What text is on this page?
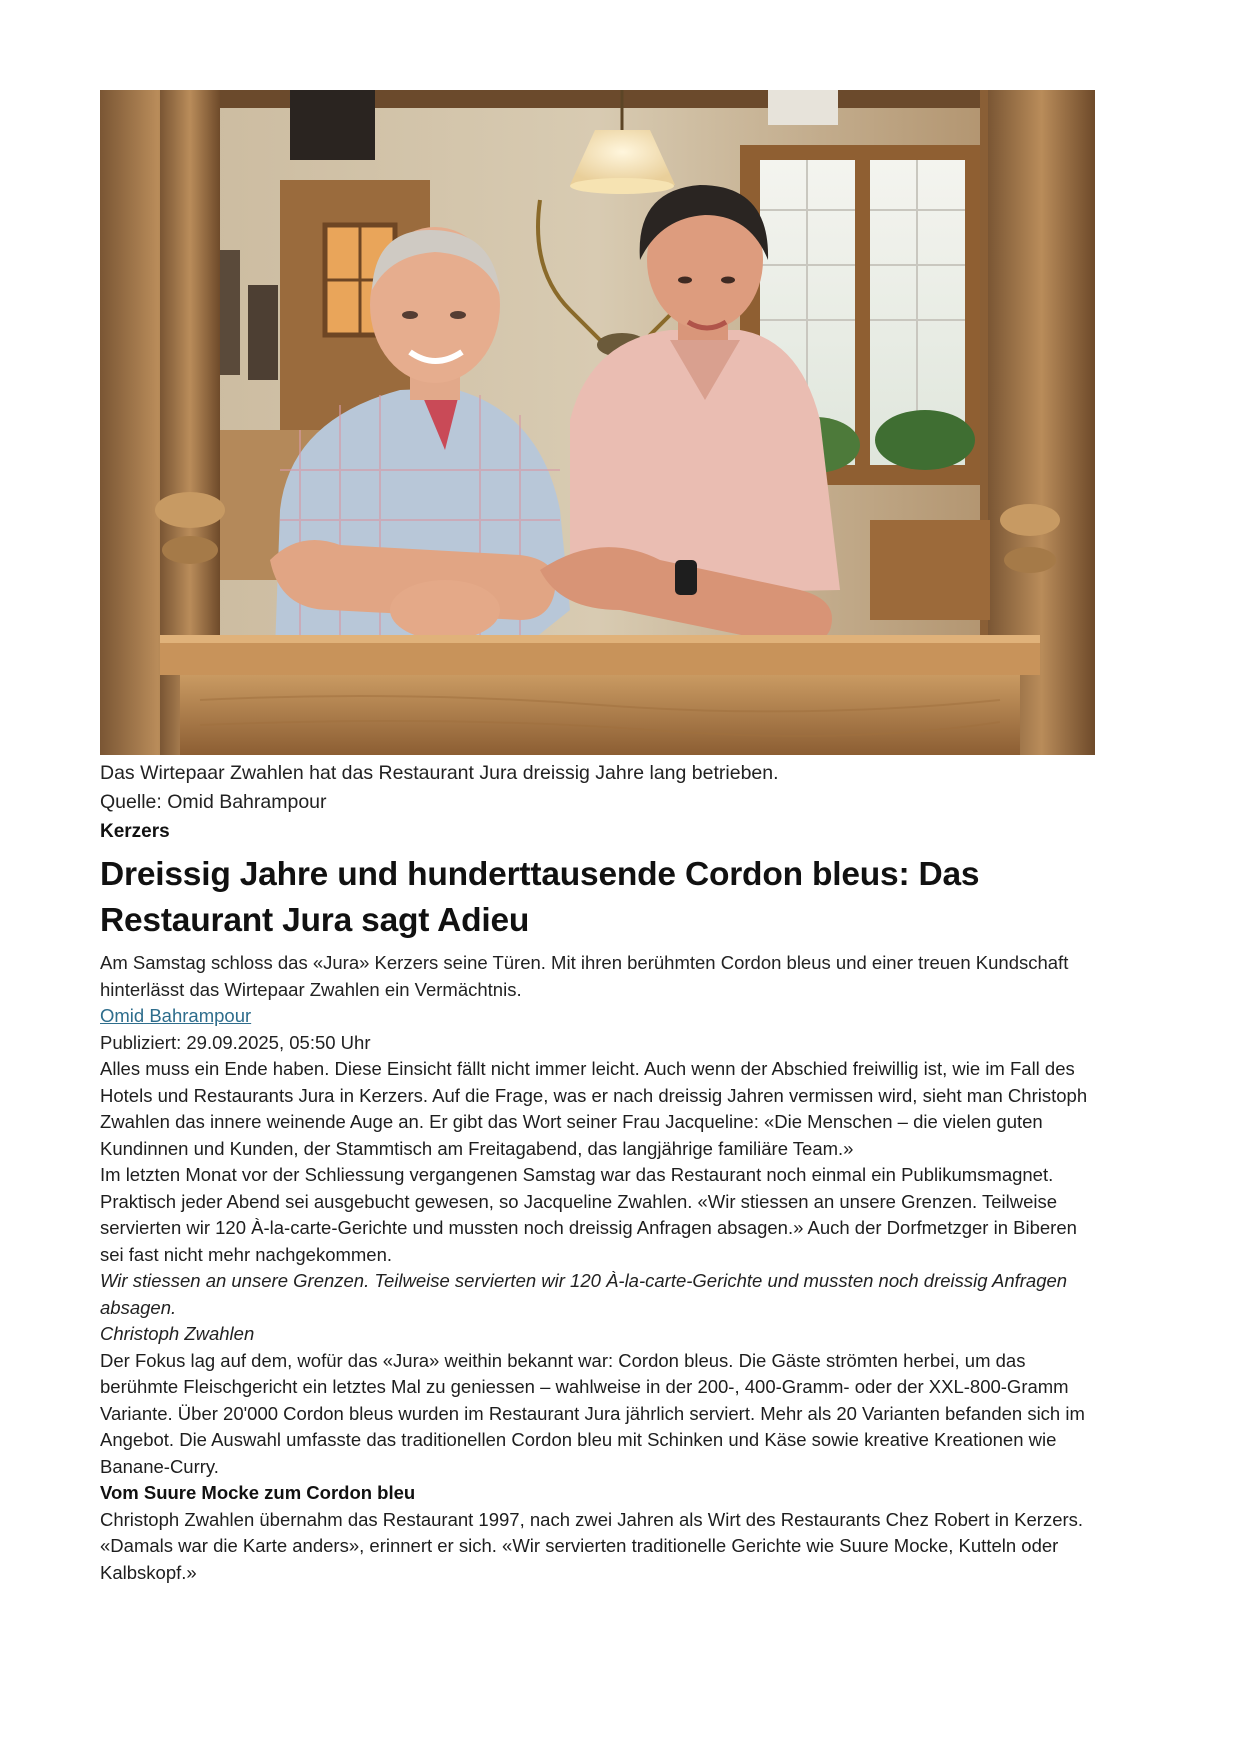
Das Wirtepaar Zwahlen hat das Restaurant Jura dreissig Jahre lang betrieben.
Quelle: Omid Bahrampour
Kerzers
Dreissig Jahre und hunderttausende Cordon bleus: Das Restaurant Jura sagt Adieu

Am Samstag schloss das «Jura» Kerzers seine Türen. Mit ihren berühmten Cordon bleus und einer treuen Kundschaft hinterlässt das Wirtepaar Zwahlen ein Vermächtnis.

Omid Bahrampour
Publiziert: 29.09.2025, 05:50 Uhr

Alles muss ein Ende haben. Diese Einsicht fällt nicht immer leicht. Auch wenn der Abschied freiwillig ist, wie im Fall des Hotels und Restaurants Jura in Kerzers. Auf die Frage, was er nach dreissig Jahren vermissen wird, sieht man Christoph Zwahlen das innere weinende Auge an. Er gibt das Wort seiner Frau Jacqueline: «Die Menschen – die vielen guten Kundinnen und Kunden, der Stammtisch am Freitagabend, das langjährige familiäre Team.»

Im letzten Monat vor der Schliessung vergangenen Samstag war das Restaurant noch einmal ein Publikumsmagnet. Praktisch jeder Abend sei ausgebucht gewesen, so Jacqueline Zwahlen. «Wir stiessen an unsere Grenzen. Teilweise servierten wir 120 À-la-carte-Gerichte und mussten noch dreissig Anfragen absagen.» Auch der Dorfmetzger in Biberen sei fast nicht mehr nachgekommen.

Wir stiessen an unsere Grenzen. Teilweise servierten wir 120 À-la-carte-Gerichte und mussten noch dreissig Anfragen absagen.

Christoph Zwahlen

Der Fokus lag auf dem, wofür das «Jura» weithin bekannt war: Cordon bleus. Die Gäste strömten herbei, um das berühmte Fleischgericht ein letztes Mal zu geniessen – wahlweise in der 200-, 400-Gramm- oder der XXL-800-Gramm Variante. Über 20'000 Cordon bleus wurden im Restaurant Jura jährlich serviert. Mehr als 20 Varianten befanden sich im Angebot. Die Auswahl umfasste das traditionellen Cordon bleu mit Schinken und Käse sowie kreative Kreationen wie Banane-Curry.

Vom Suure Mocke zum Cordon bleu

Christoph Zwahlen übernahm das Restaurant 1997, nach zwei Jahren als Wirt des Restaurants Chez Robert in Kerzers. «Damals war die Karte anders», erinnert er sich. «Wir servierten traditionelle Gerichte wie Suure Mocke, Kutteln oder Kalbskopf.»
